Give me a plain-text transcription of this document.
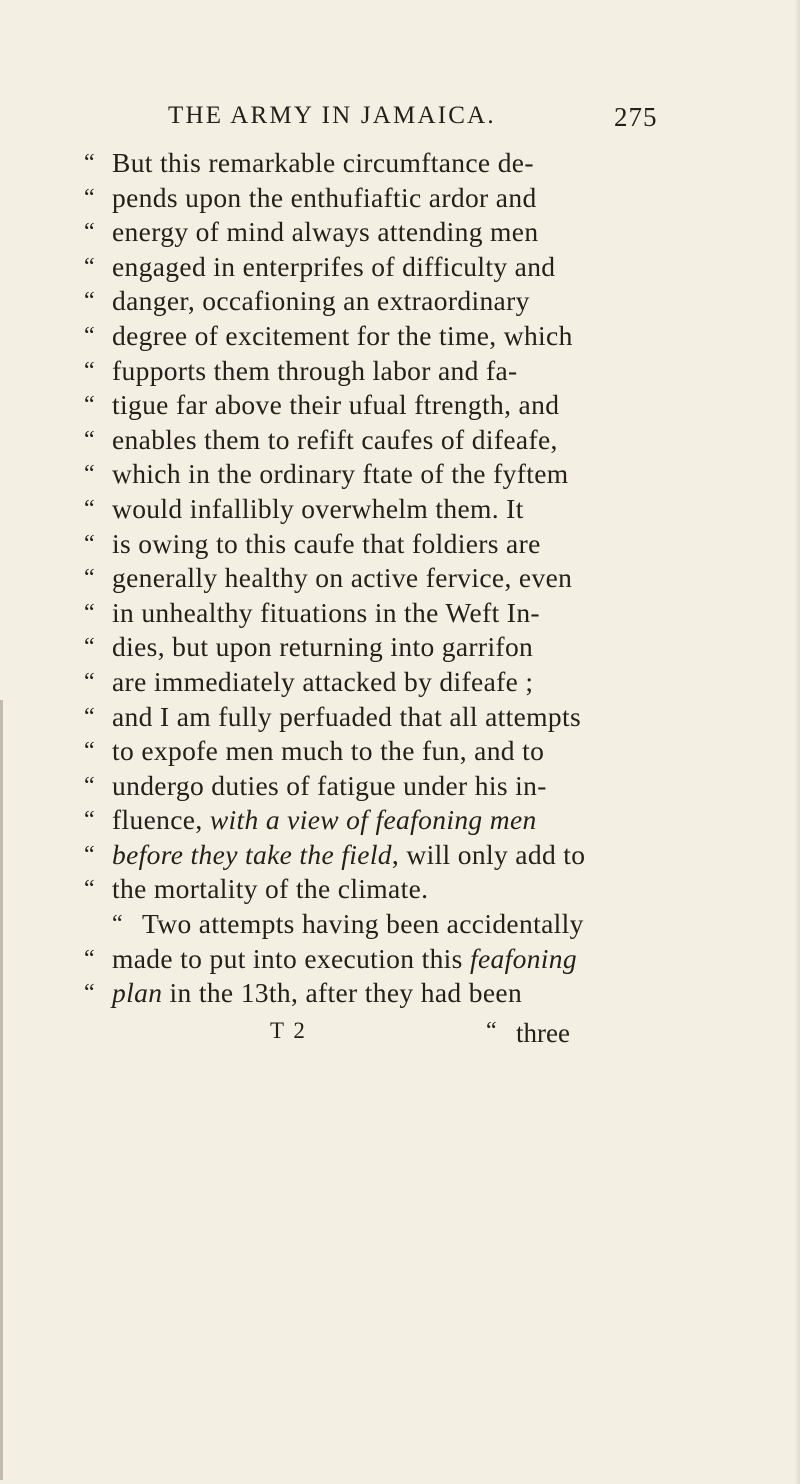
THE ARMY IN JAMAICA.	275
“ But this remarkable circumftance de-
“ pends upon the enthufiaftic ardor and
“ energy of mind always attending men
“ engaged in enterprifes of difficulty and
“ danger, occafioning an extraordinary
“ degree of excitement for the time, which
“ fupports them through labor and fa-
“ tigue far above their ufual ftrength, and
“ enables them to refift caufes of difeafe,
“ which in the ordinary ftate of the fyftem
“ would infallibly overwhelm them. It
“ is owing to this caufe that foldiers are
“ generally healthy on active fervice, even
“ in unhealthy fituations in the Weft In-
“ dies, but upon returning into garrifon
“ are immediately attacked by difeafe ;
“ and I am fully perfuaded that all attempts
“ to expofe men much to the fun, and to
“ undergo duties of fatigue under his in-
“ fluence, with a view of feafoning men
“ before they take the field, will only add to
“ the mortality of the climate.
“ Two attempts having been accidentally
“ made to put into execution this feafoning
“ plan in the 13th, after they had been
T 2	“ three
